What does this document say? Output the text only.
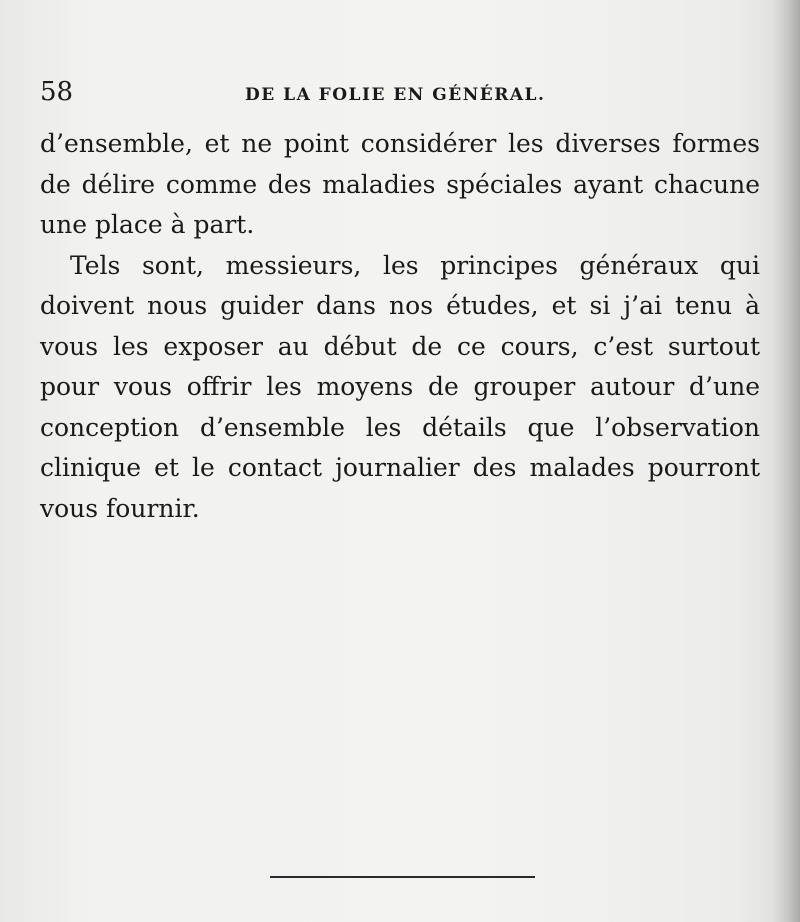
58	DE LA FOLIE EN GÉNÉRAL.

d’ensemble, et ne point considérer les diverses formes de délire comme des maladies spéciales ayant chacune une place à part.

Tels sont, messieurs, les principes généraux qui doivent nous guider dans nos études, et si j’ai tenu à vous les exposer au début de ce cours, c’est surtout pour vous offrir les moyens de grouper autour d’une conception d’ensemble les détails que l’observation clinique et le contact journalier des malades pourront vous fournir.
